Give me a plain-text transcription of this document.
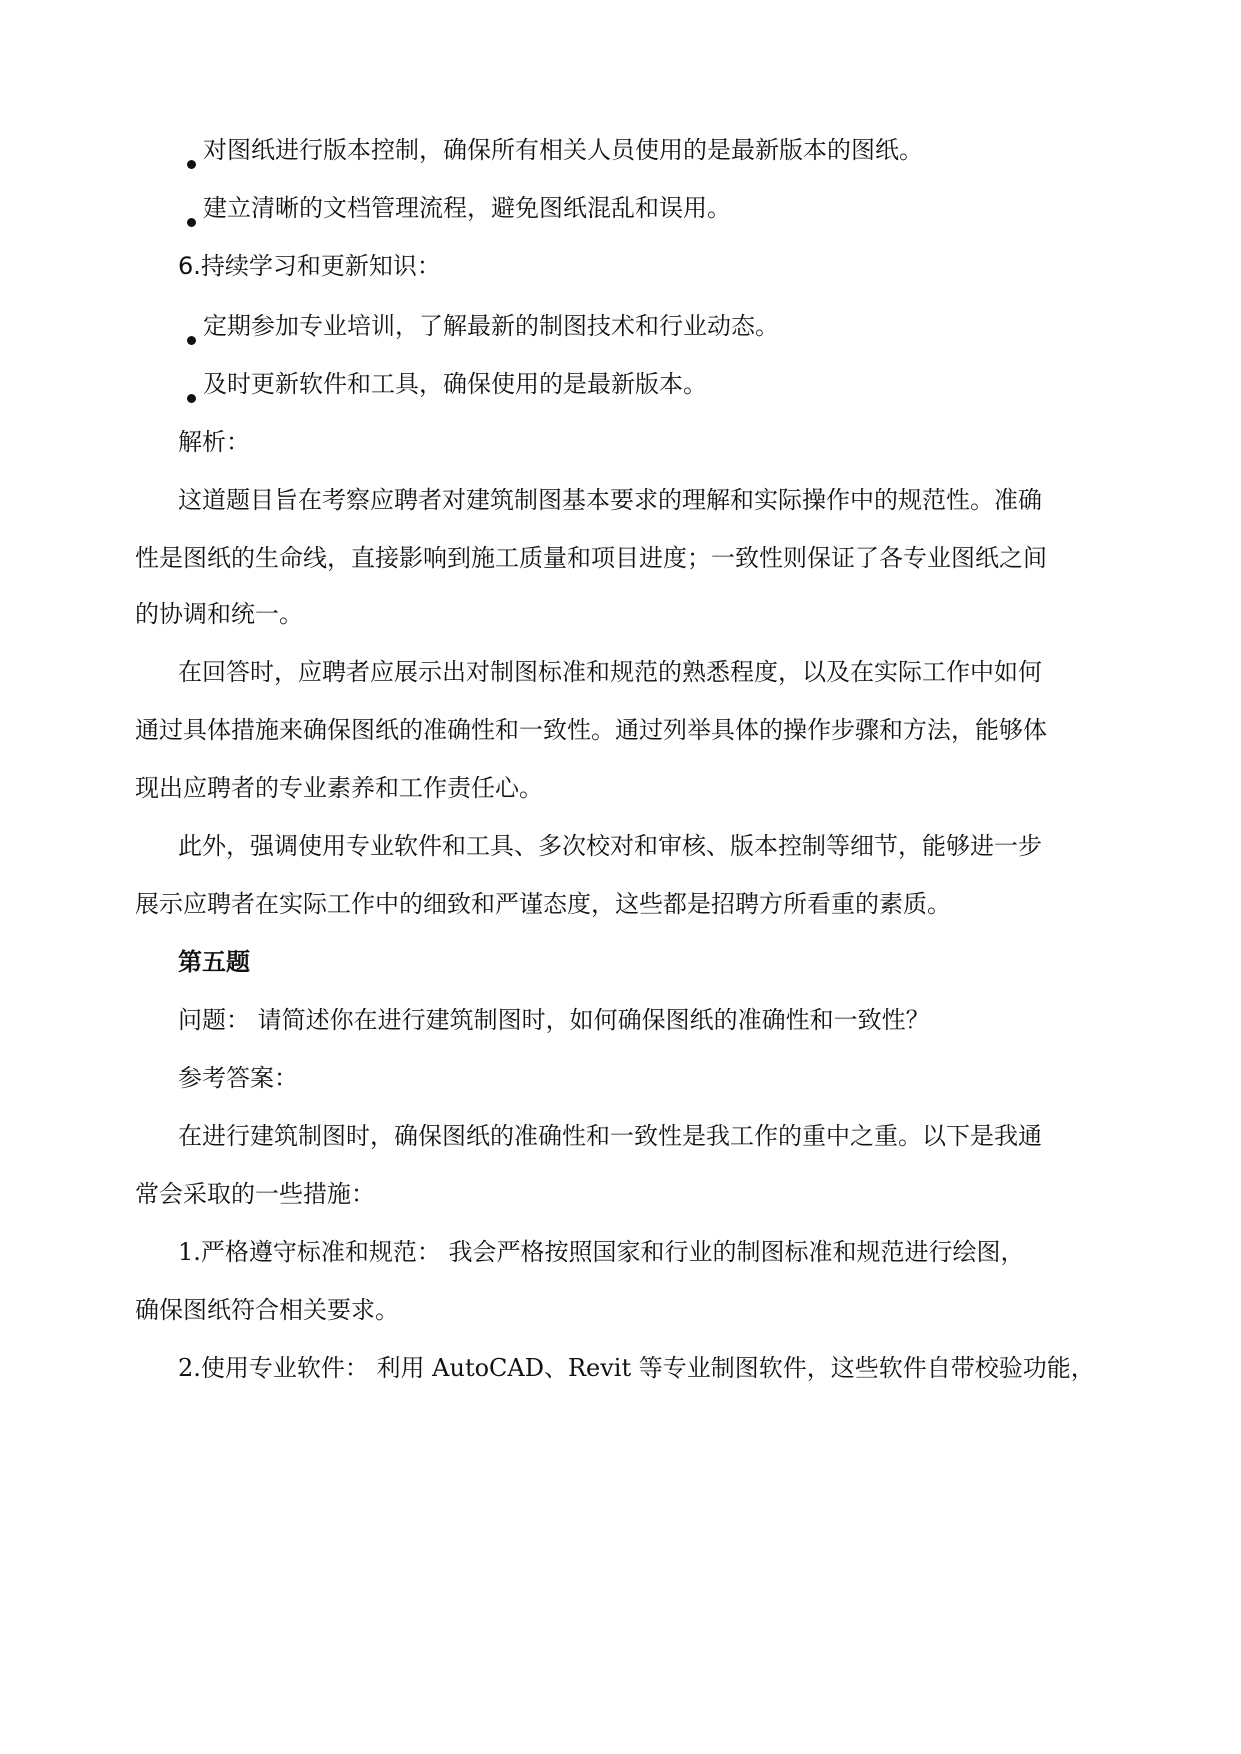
对图纸进行版本控制，确保所有相关人员使用的是最新版本的图纸。
建立清晰的文档管理流程，避免图纸混乱和误用。
6.持续学习和更新知识：
定期参加专业培训，了解最新的制图技术和行业动态。
及时更新软件和工具，确保使用的是最新版本。
解析：
这道题目旨在考察应聘者对建筑制图基本要求的理解和实际操作中的规范性。准确
性是图纸的生命线，直接影响到施工质量和项目进度；一致性则保证了各专业图纸之间
的协调和统一。
在回答时，应聘者应展示出对制图标准和规范的熟悉程度，以及在实际工作中如何
通过具体措施来确保图纸的准确性和一致性。通过列举具体的操作步骤和方法，能够体
现出应聘者的专业素养和工作责任心。
此外，强调使用专业软件和工具、多次校对和审核、版本控制等细节，能够进一步
展示应聘者在实际工作中的细致和严谨态度，这些都是招聘方所看重的素质。
第五题
问题： 请简述你在进行建筑制图时，如何确保图纸的准确性和一致性？
参考答案：
在进行建筑制图时，确保图纸的准确性和一致性是我工作的重中之重。以下是我通
常会采取的一些措施：
1.严格遵守标准和规范： 我会严格按照国家和行业的制图标准和规范进行绘图，
确保图纸符合相关要求。
2.使用专业软件： 利用 AutoCAD、Revit 等专业制图软件，这些软件自带校验功能，
